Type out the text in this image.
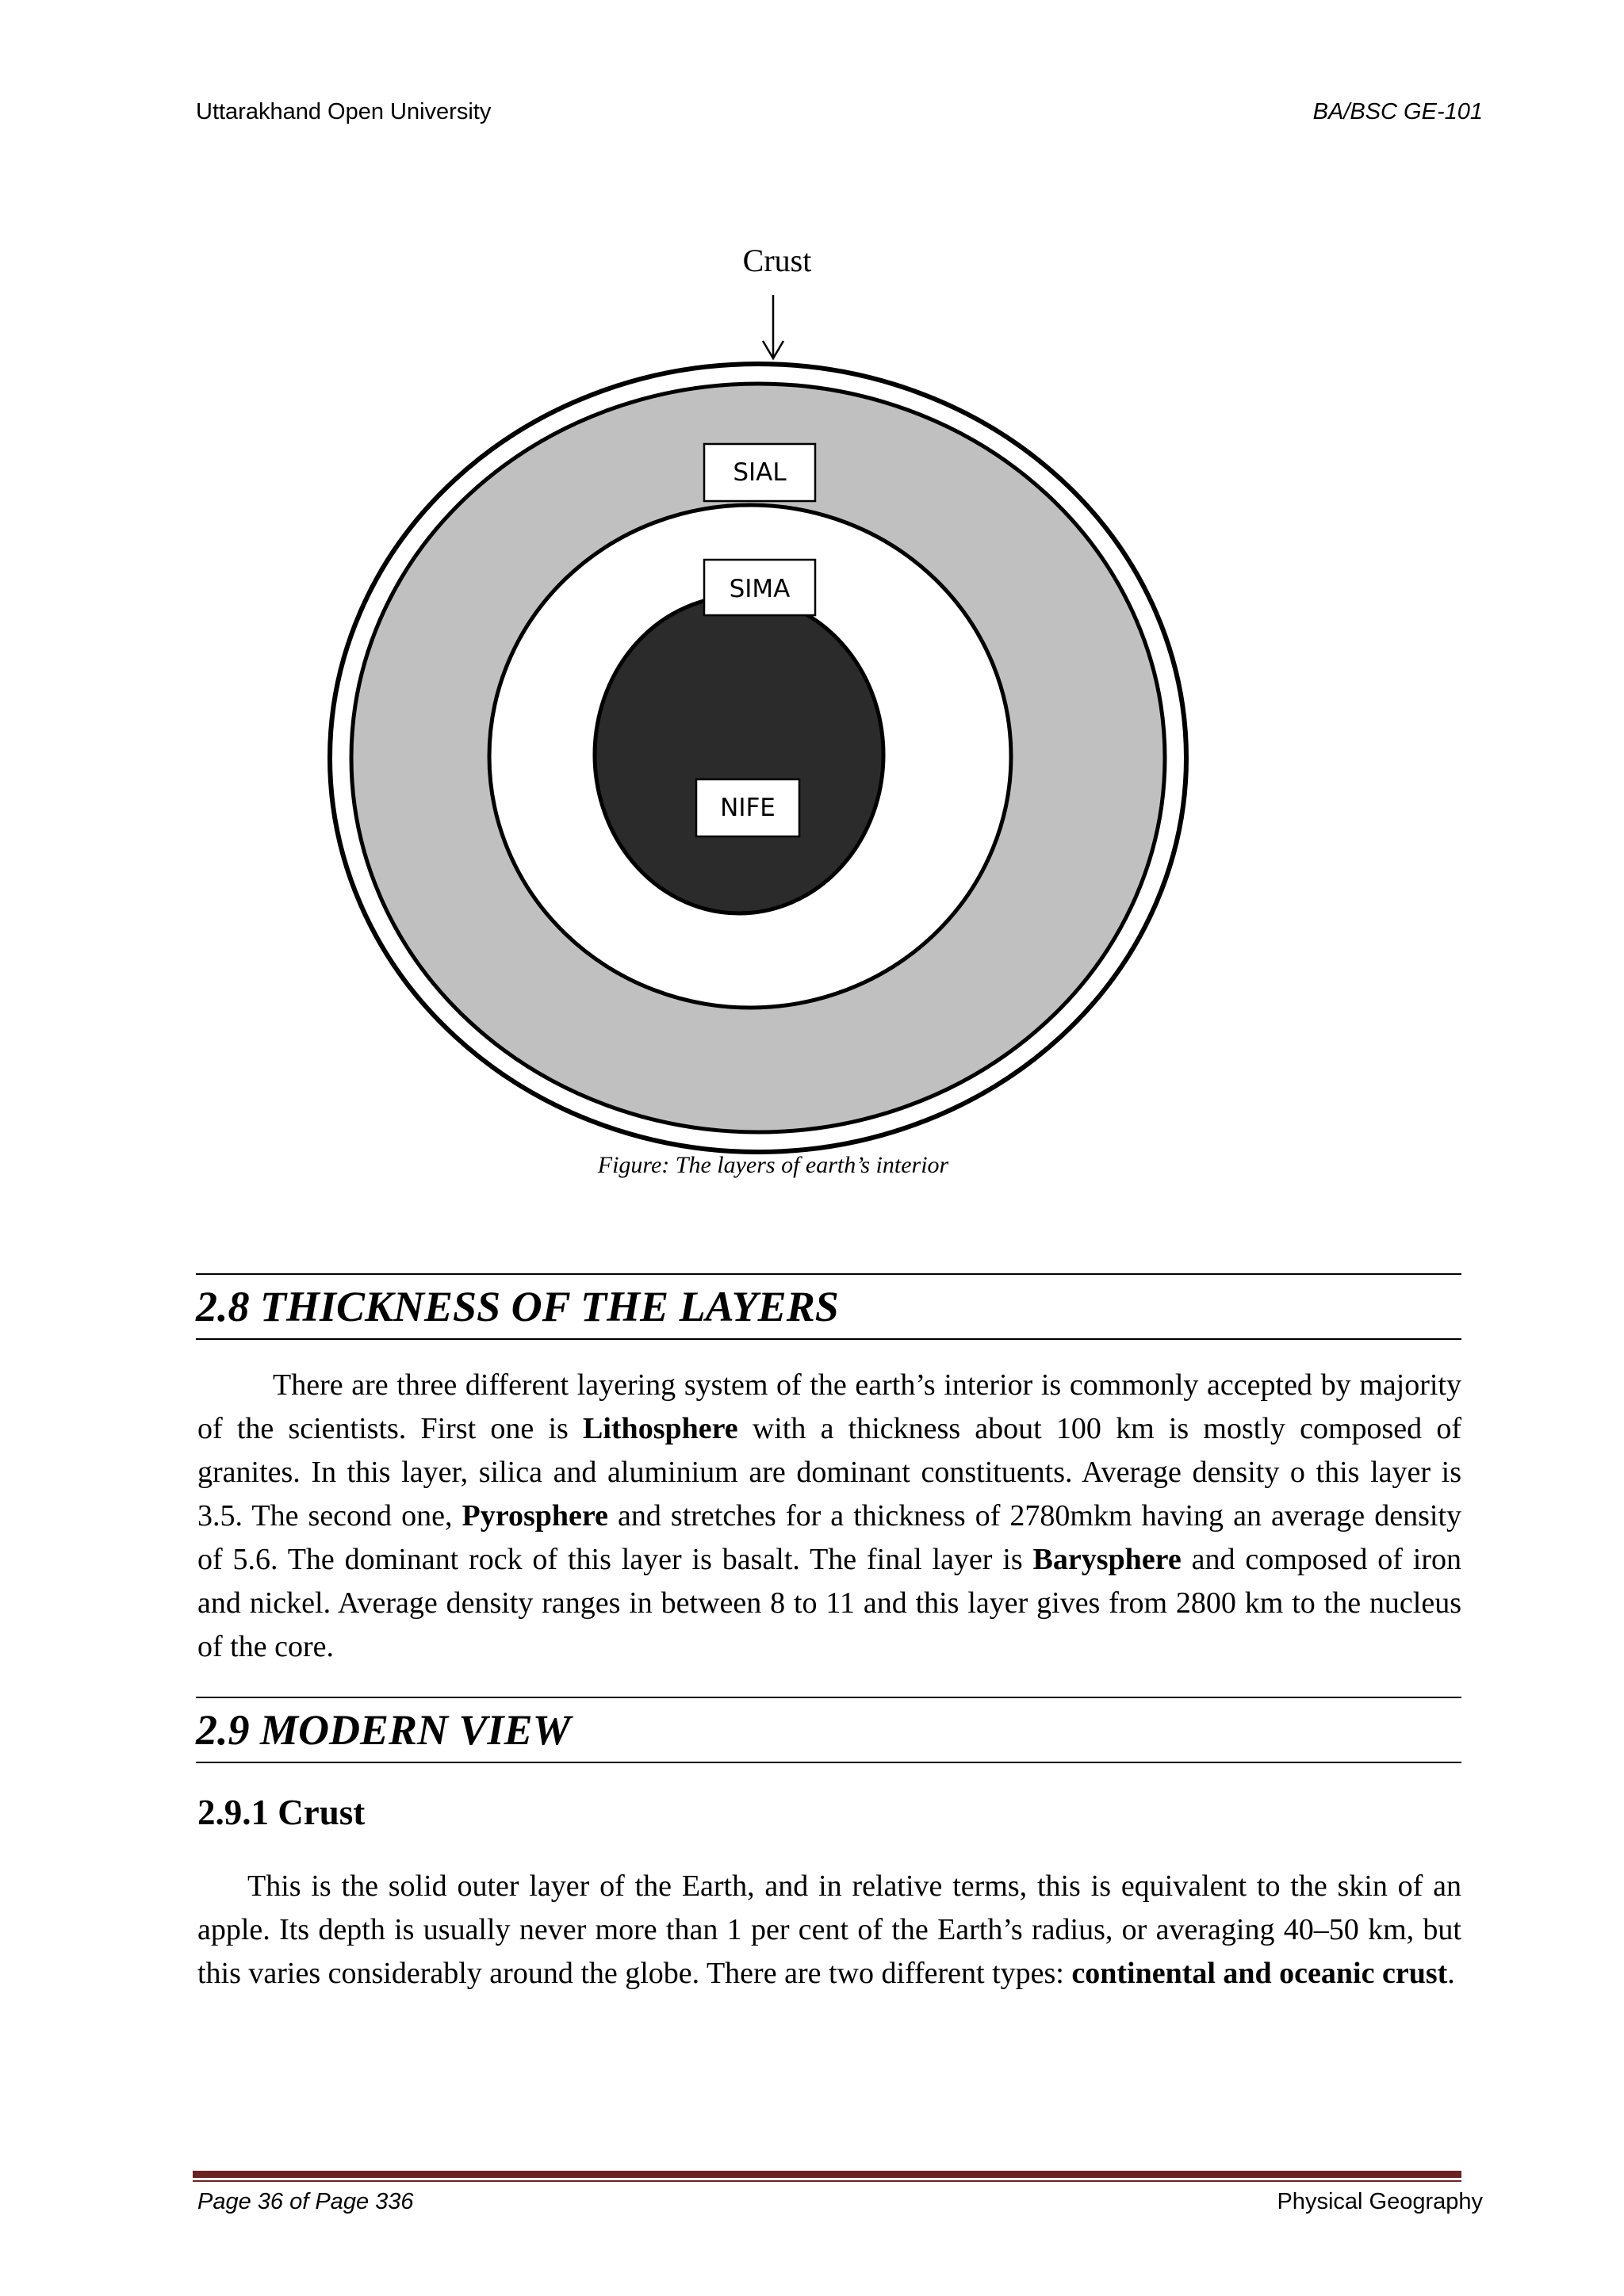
Uttarakhand Open University	BA/BSC GE-101
Crust
SIAL
SIMA
NIFE
Figure: The layers of earth’s interior
2.8 THICKNESS OF THE LAYERS

There are three different layering system of the earth’s interior is commonly accepted by majority of the scientists. First one is Lithosphere with a thickness about 100 km is mostly composed of granites. In this layer, silica and aluminium are dominant constituents. Average density o this layer is 3.5. The second one, Pyrosphere and stretches for a thickness of 2780mkm having an average density of 5.6. The dominant rock of this layer is basalt. The final layer is Barysphere and composed of iron and nickel. Average density ranges in between 8 to 11 and this layer gives from 2800 km to the nucleus of the core.

2.9 MODERN VIEW
2.9.1 Crust

This is the solid outer layer of the Earth, and in relative terms, this is equivalent to the skin of an apple. Its depth is usually never more than 1 per cent of the Earth’s radius, or averaging 40–50 km, but this varies considerably around the globe. There are two different types: continental and oceanic crust.

Page 36 of Page 336	Physical Geography
